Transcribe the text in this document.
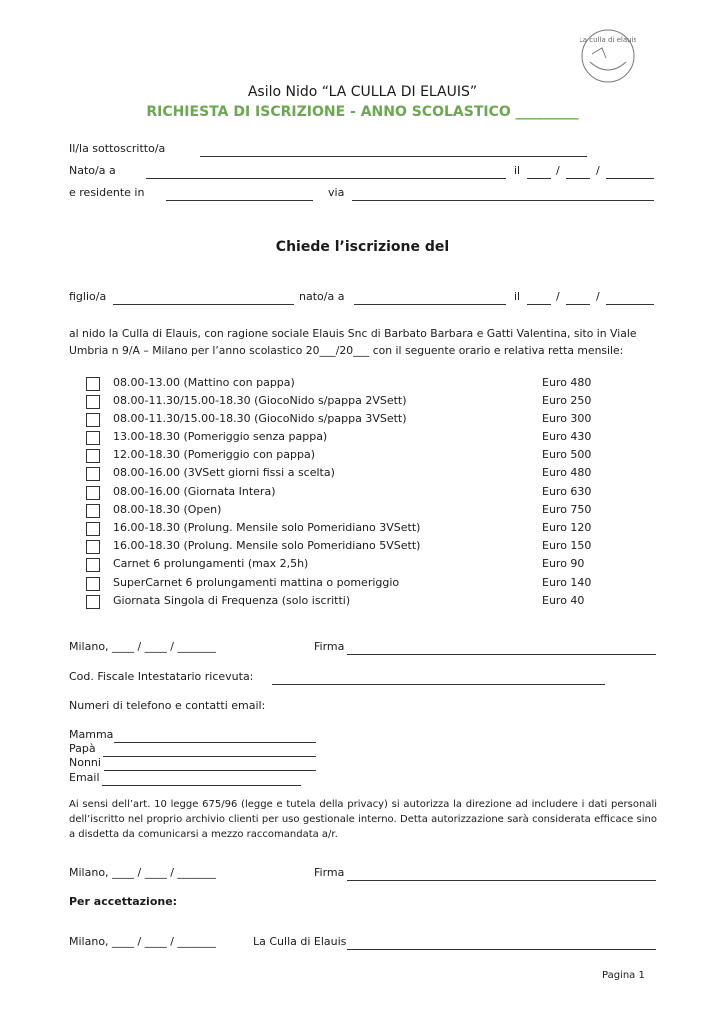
La culla di elauis
Asilo Nido “LA CULLA DI ELAUIS”
RICHIESTA DI ISCRIZIONE - ANNO SCOLASTICO _________
Il/la sottoscritto/a
Nato/a a	il	/	/
e residente in	via
Chiede l’iscrizione del
figlio/a	nato/a a	il	/	/
al nido la Culla di Elauis, con ragione sociale Elauis Snc di Barbato Barbara e Gatti Valentina, sito in Viale Umbria n 9/A – Milano per l’anno scolastico 20___/20___ con il seguente orario e relativa retta mensile:
08.00-13.00 (Mattino con pappa)	Euro 480
08.00-11.30/15.00-18.30 (GiocoNido s/pappa 2VSett)	Euro 250
08.00-11.30/15.00-18.30 (GiocoNido s/pappa 3VSett)	Euro 300
13.00-18.30 (Pomeriggio senza pappa)	Euro 430
12.00-18.30 (Pomeriggio con pappa)	Euro 500
08.00-16.00 (3VSett giorni fissi a scelta)	Euro 480
08.00-16.00 (Giornata Intera)	Euro 630
08.00-18.30 (Open)	Euro 750
16.00-18.30 (Prolung. Mensile solo Pomeridiano 3VSett)	Euro 120
16.00-18.30 (Prolung. Mensile solo Pomeridiano 5VSett)	Euro 150
Carnet 6 prolungamenti (max 2,5h)	Euro 90
SuperCarnet 6 prolungamenti mattina o pomeriggio	Euro 140
Giornata Singola di Frequenza (solo iscritti)	Euro 40
Milano, ____ / ____ / _______	Firma
Cod. Fiscale Intestatario ricevuta:
Numeri di telefono e contatti email:
Mamma
Papà
Nonni
Email
Ai sensi dell’art. 10 legge 675/96 (legge e tutela della privacy) si autorizza la direzione ad includere i dati personali dell’iscritto nel proprio archivio clienti per uso gestionale interno. Detta autorizzazione sarà considerata efficace sino a disdetta da comunicarsi a mezzo raccomandata a/r.
Milano, ____ / ____ / _______	Firma
Per accettazione:
Milano, ____ / ____ / _______	La Culla di Elauis
Pagina 1
